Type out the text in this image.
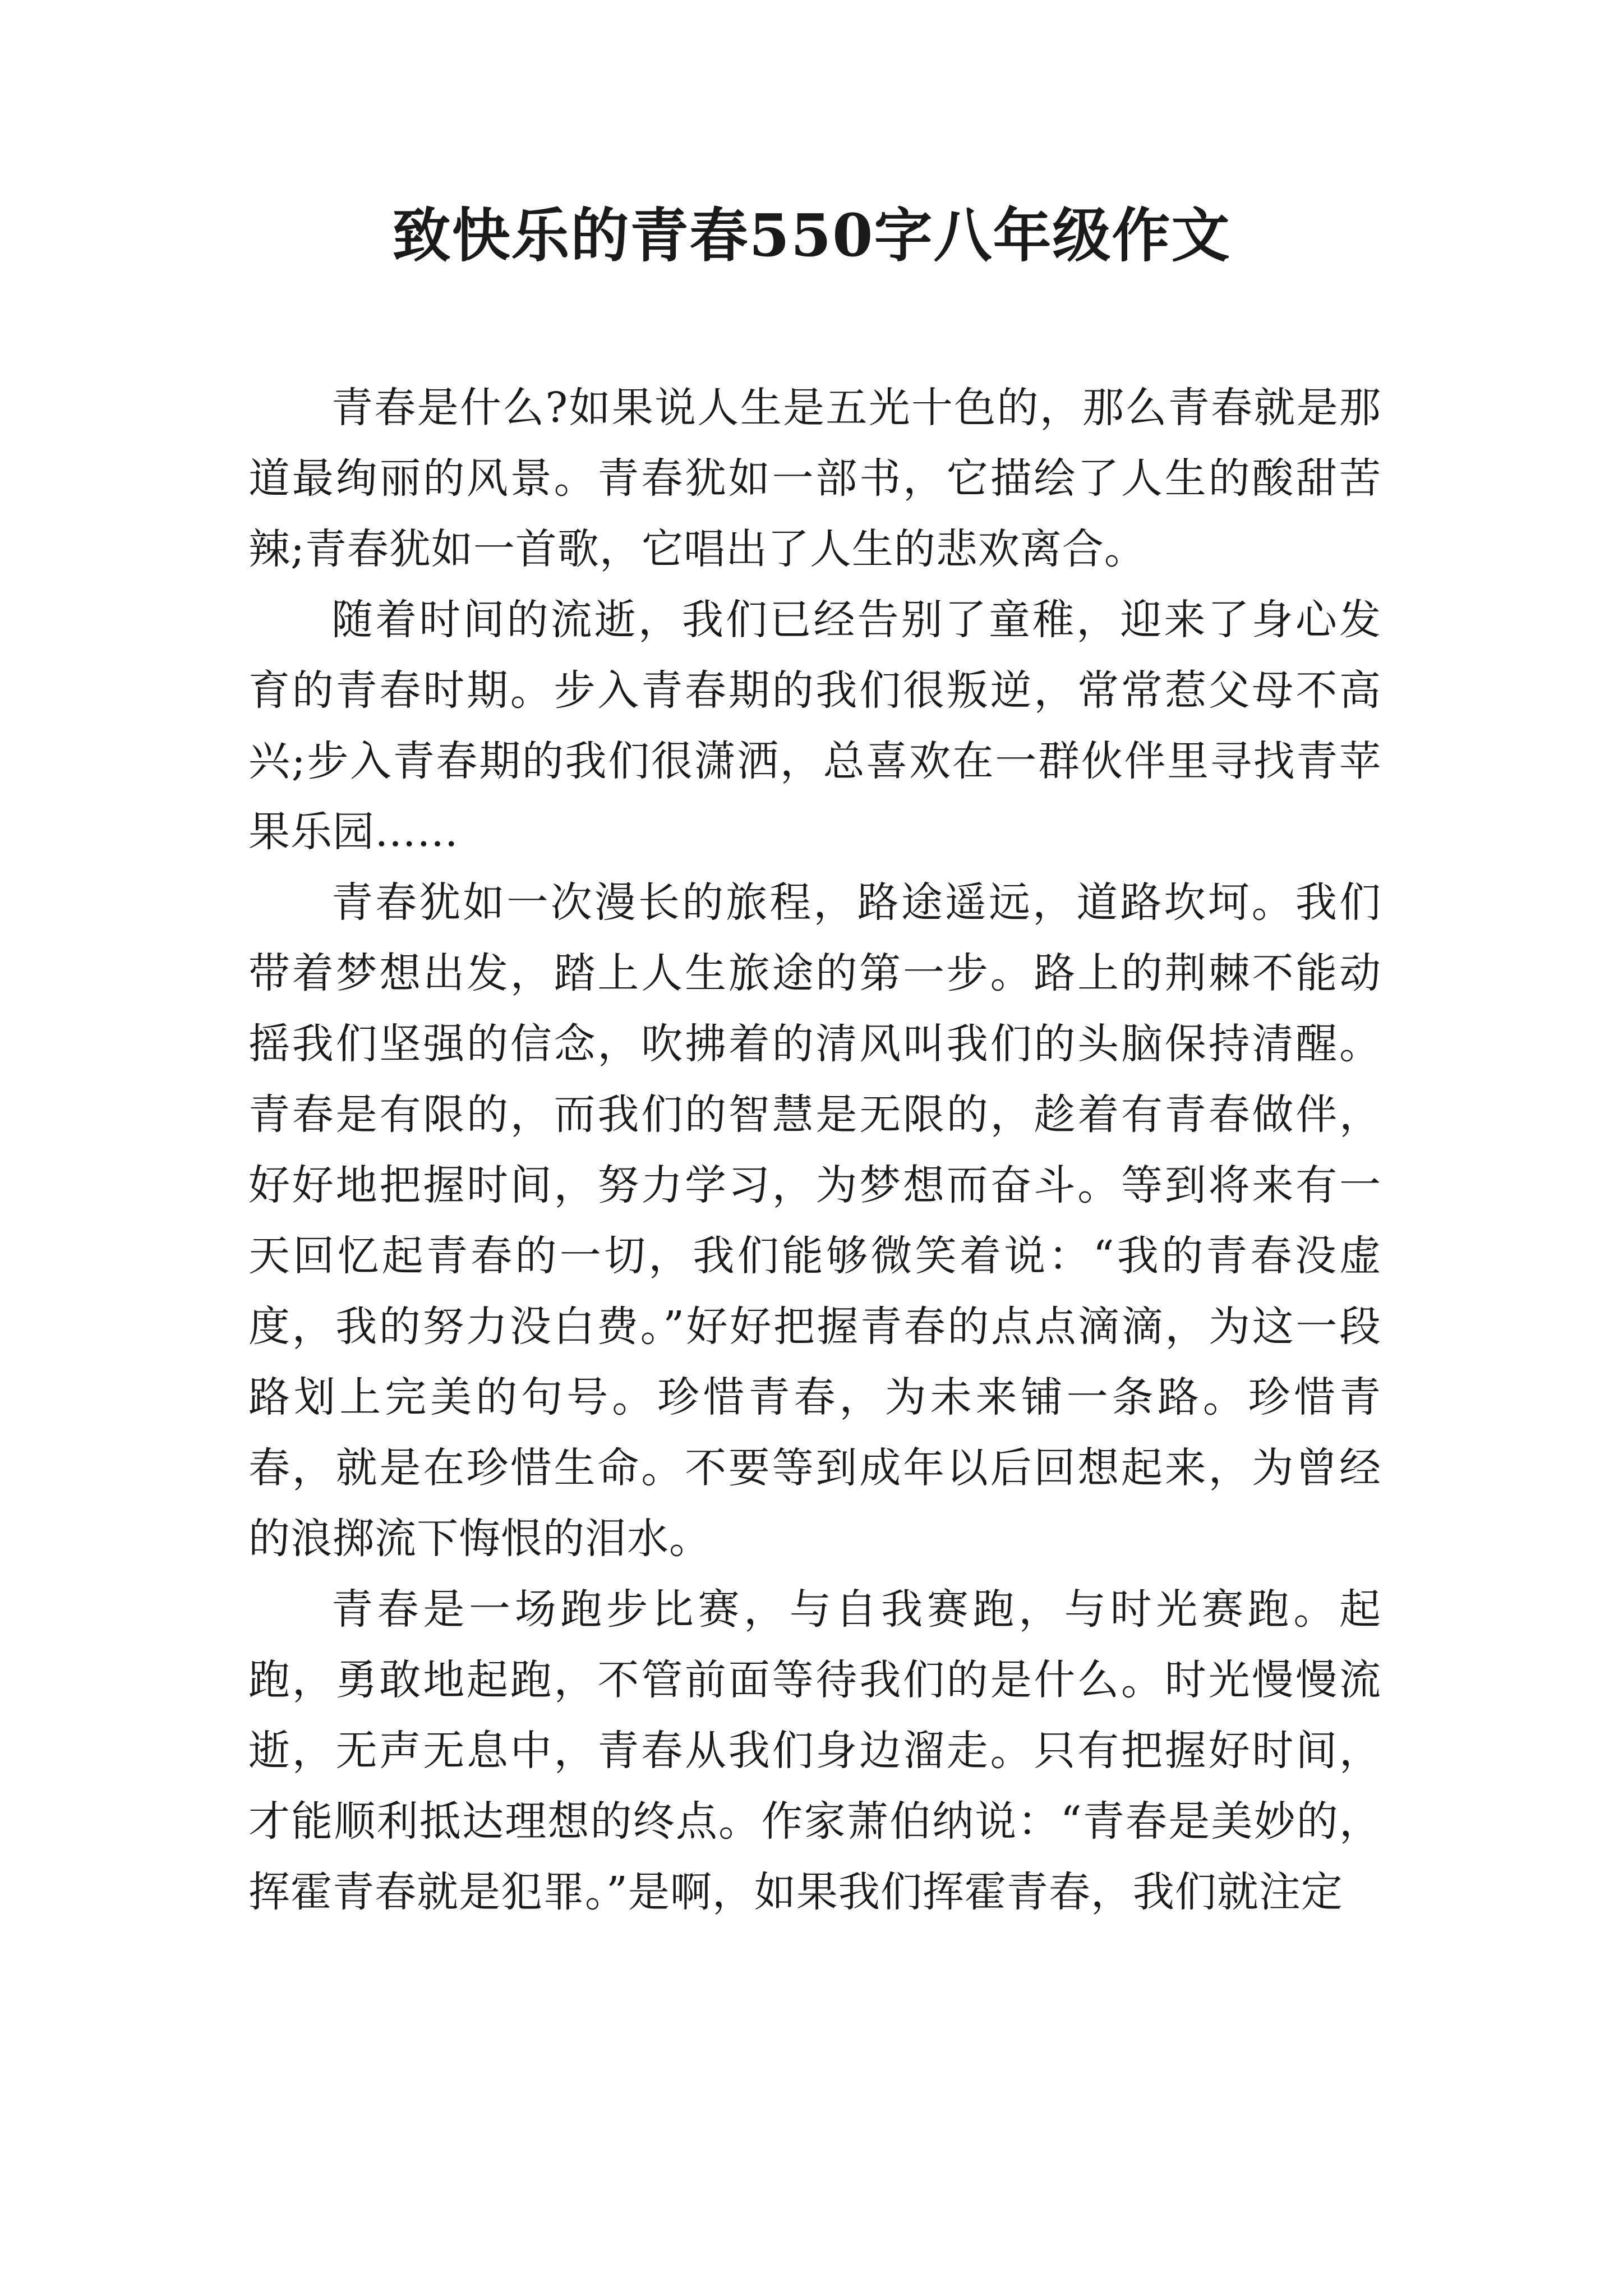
致快乐的青春550字八年级作文

青春是什么?如果说人生是五光十色的，那么青春就是那道最绚丽的风景。青春犹如一部书，它描绘了人生的酸甜苦辣;青春犹如一首歌，它唱出了人生的悲欢离合。

随着时间的流逝，我们已经告别了童稚，迎来了身心发育的青春时期。步入青春期的我们很叛逆，常常惹父母不高兴;步入青春期的我们很潇洒，总喜欢在一群伙伴里寻找青苹果乐园……

青春犹如一次漫长的旅程，路途遥远，道路坎坷。我们带着梦想出发，踏上人生旅途的第一步。路上的荆棘不能动摇我们坚强的信念，吹拂着的清风叫我们的头脑保持清醒。青春是有限的，而我们的智慧是无限的，趁着有青春做伴，好好地把握时间，努力学习，为梦想而奋斗。等到将来有一天回忆起青春的一切，我们能够微笑着说：“我的青春没虚度，我的努力没白费。”好好把握青春的点点滴滴，为这一段路划上完美的句号。珍惜青春，为未来铺一条路。珍惜青春，就是在珍惜生命。不要等到成年以后回想起来，为曾经的浪掷流下悔恨的泪水。

青春是一场跑步比赛，与自我赛跑，与时光赛跑。起跑，勇敢地起跑，不管前面等待我们的是什么。时光慢慢流逝，无声无息中，青春从我们身边溜走。只有把握好时间，才能顺利抵达理想的终点。作家萧伯纳说：“青春是美妙的，挥霍青春就是犯罪。”是啊，如果我们挥霍青春，我们就注定
